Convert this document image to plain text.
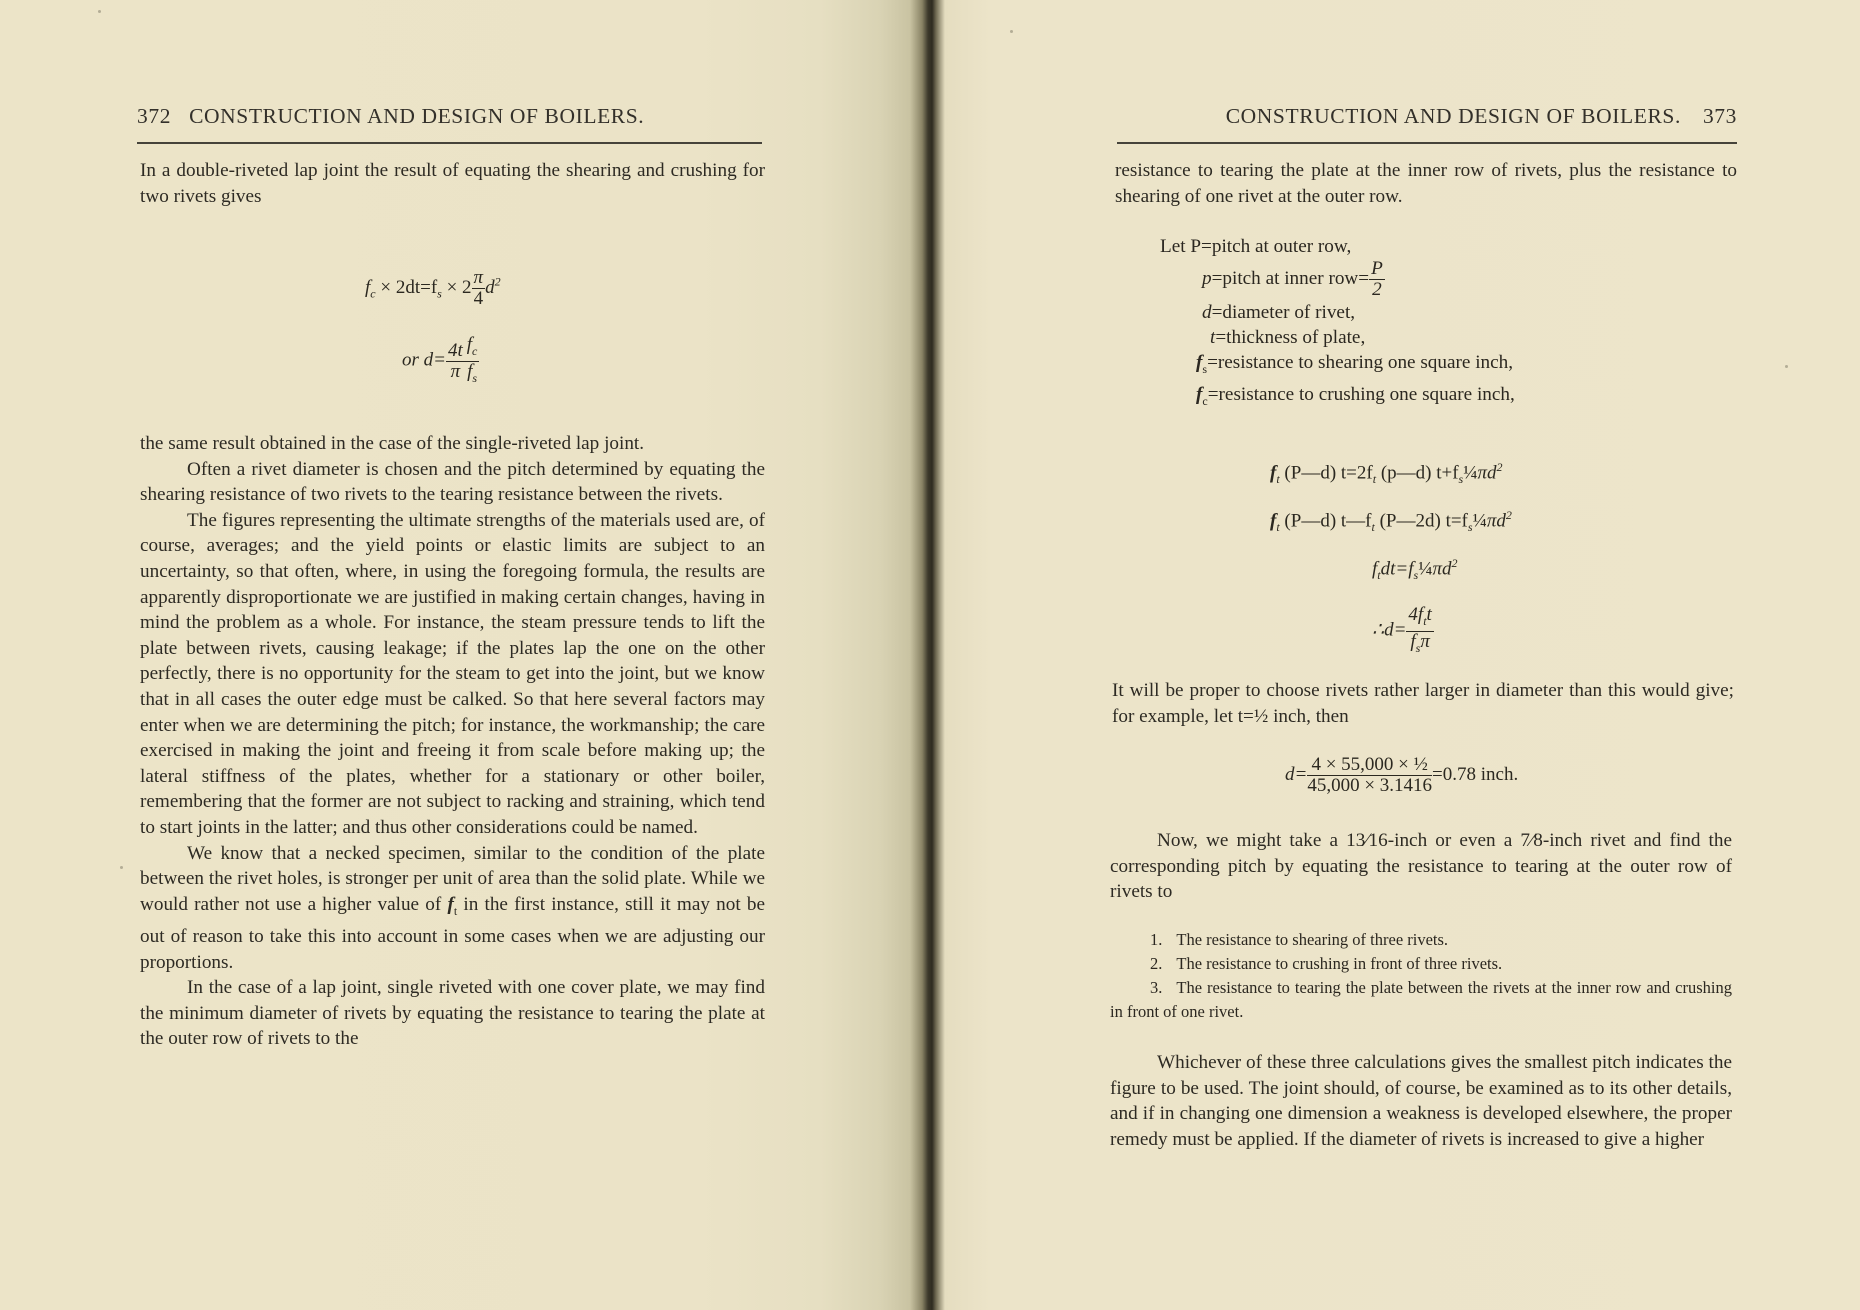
372 CONSTRUCTION AND DESIGN OF BOILERS.

In a double-riveted lap joint the result of equating the shearing and crushing for two rivets gives

$f_c \times 2dt=f_s \times 2 \frac{\pi}{4} d^2$
or $d= \frac{4t}{\pi} \frac{f_c}{f_s}$

the same result obtained in the case of the single-riveted lap joint.

Often a rivet diameter is chosen and the pitch determined by equating the shearing resistance of two rivets to the tearing resistance between the rivets.

The figures representing the ultimate strengths of the materials used are, of course, averages; and the yield points or elastic limits are subject to an uncertainty, so that often, where, in using the foregoing formula, the results are apparently disproportionate we are justified in making certain changes, having in mind the problem as a whole. For instance, the steam pressure tends to lift the plate between rivets, causing leakage; if the plates lap the one on the other perfectly, there is no opportunity for the steam to get into the joint, but we know that in all cases the outer edge must be calked. So that here several factors may enter when we are determining the pitch; for instance, the workmanship; the care exercised in making the joint and freeing it from scale before making up; the lateral stiffness of the plates, whether for a stationary or other boiler, remembering that the former are not subject to racking and straining, which tend to start joints in the latter; and thus other considerations could be named.

We know that a necked specimen, similar to the condition of the plate between the rivet holes, is stronger per unit of area than the solid plate. While we would rather not use a higher value of $f_t$ in the first instance, still it may not be out of reason to take this into account in some cases when we are adjusting our proportions.

In the case of a lap joint, single riveted with one cover plate, we may find the minimum diameter of rivets by equating the resistance to tearing the plate at the outer row of rivets to the

CONSTRUCTION AND DESIGN OF BOILERS. 373

resistance to tearing the plate at the inner row of rivets, plus the resistance to shearing of one rivet at the outer row.

Let P=pitch at outer row,
p=pitch at inner $row= \frac{P}{2}$
d=diameter of rivet,
t=thickness of plate,
$f_s=resistance$ to shearing one square inch,
$f_c=resistance$ to crushing one square inch,
$f_t$ (P—d) $t=2f_t$ (p—d) $t+f_s\frac{1}{4}\pi d^2$
$f_t$ (P—d) $t—f_t$ (P—2d) $t=f_s\frac{1}{4}\pi d^2$
$f_tdt=f_s\frac{1}{4}\pi d^2$
∴d= $\frac{4f_tt}{f_s\pi}$

It will be proper to choose rivets rather larger in diameter than this would give; for example, let t=½ inch, then

$d= \frac{\text{4 × 55,000 × ½}}{45,000 \times 3.1416} =0.78$ inch.

Now, we might take a 13⁄16-inch or even a 7⁄8-inch rivet and find the corresponding pitch by equating the resistance to tearing at the outer row of rivets to

1. The resistance to shearing of three rivets.

2. The resistance to crushing in front of three rivets.

3. The resistance to tearing the plate between the rivets at the inner row and crushing in front of one rivet.

Whichever of these three calculations gives the smallest pitch indicates the figure to be used. The joint should, of course, be examined as to its other details, and if in changing one dimension a weakness is developed elsewhere, the proper remedy must be applied. If the diameter of rivets is increased to give a higher
